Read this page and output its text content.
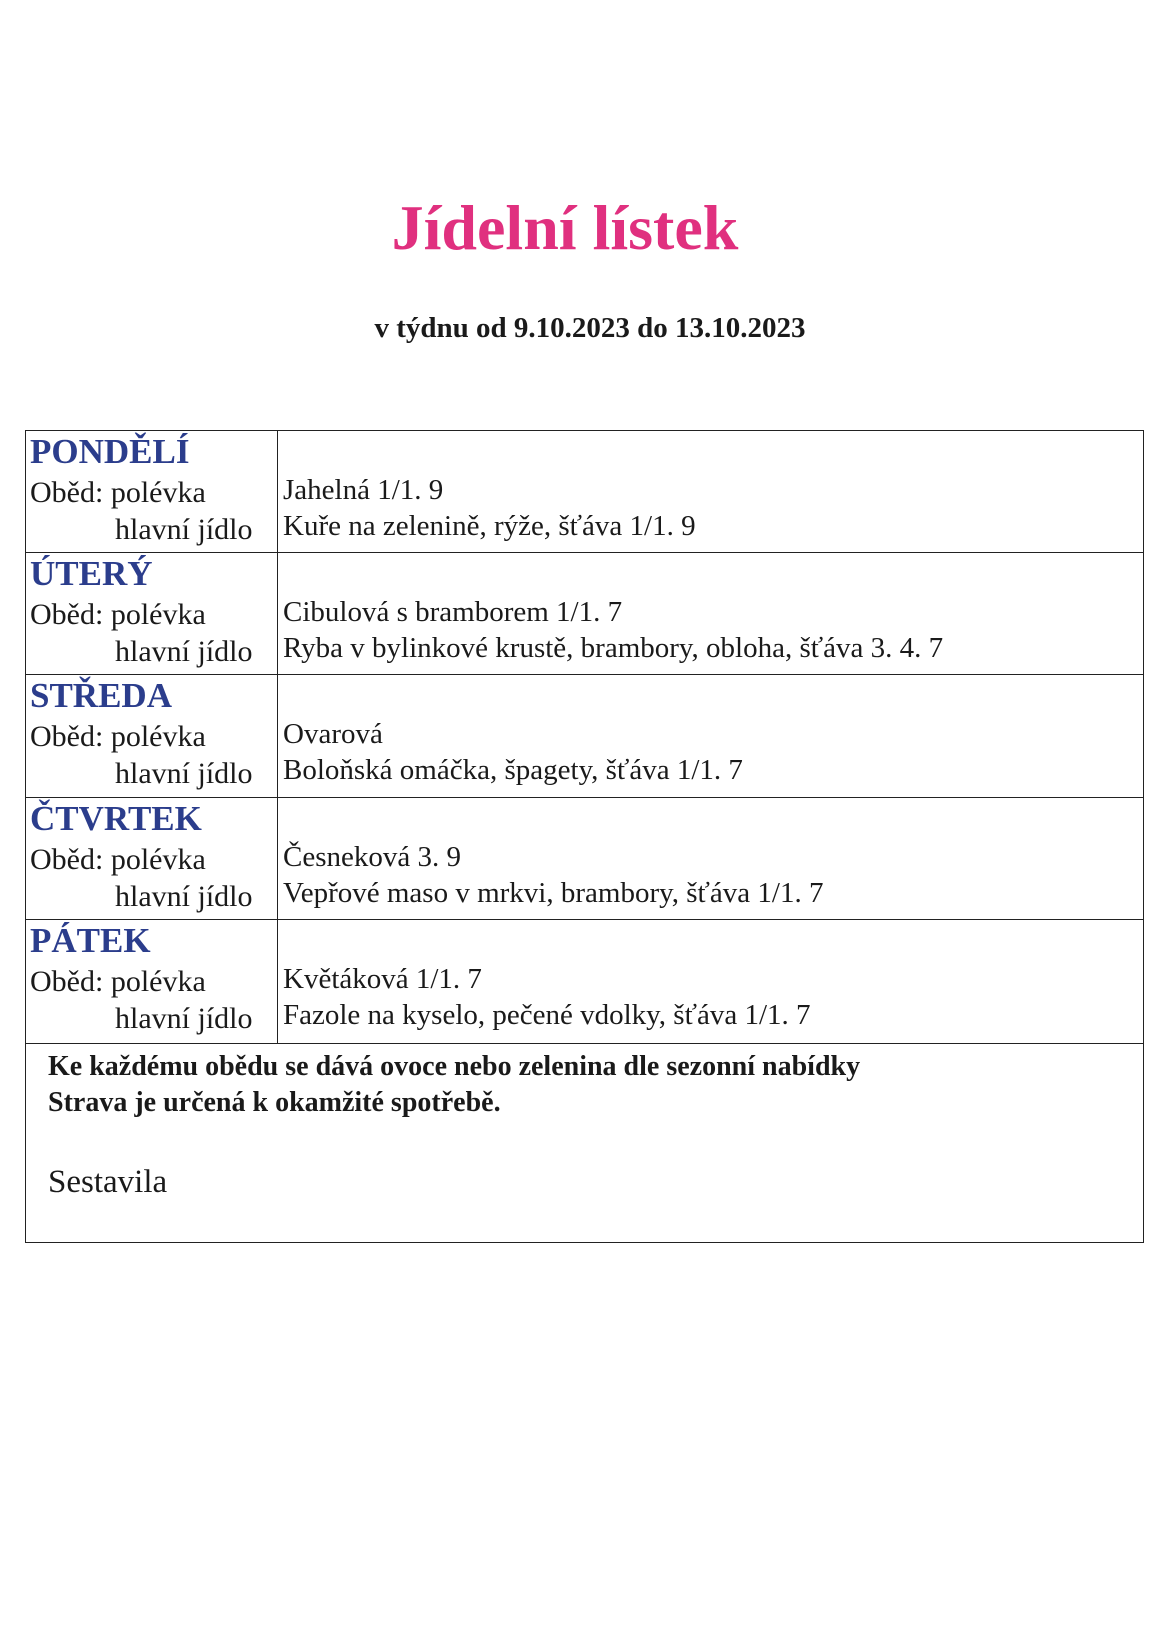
Jídelní lístek
v týdnu od 9.10.2023 do 13.10.2023
PONDĚLÍ
Oběd: polévka
hlavní jídlo
Jahelná 1/1. 9
Kuře na zelenině, rýže, šťáva 1/1. 9
ÚTERÝ
Oběd: polévka
hlavní jídlo
Cibulová s bramborem 1/1. 7
Ryba v bylinkové krustě, brambory, obloha, šťáva 3. 4. 7
STŘEDA
Oběd: polévka
hlavní jídlo
Ovarová
Boloňská omáčka, špagety, šťáva 1/1. 7
ČTVRTEK
Oběd: polévka
hlavní jídlo
Česneková 3. 9
Vepřové maso v mrkvi, brambory, šťáva 1/1. 7
PÁTEK
Oběd: polévka
hlavní jídlo
Květáková 1/1. 7
Fazole na kyselo, pečené vdolky, šťáva 1/1. 7
Ke každému obědu se dává ovoce nebo zelenina dle sezonní nabídky
Strava je určená k okamžité spotřebě.
Sestavila
